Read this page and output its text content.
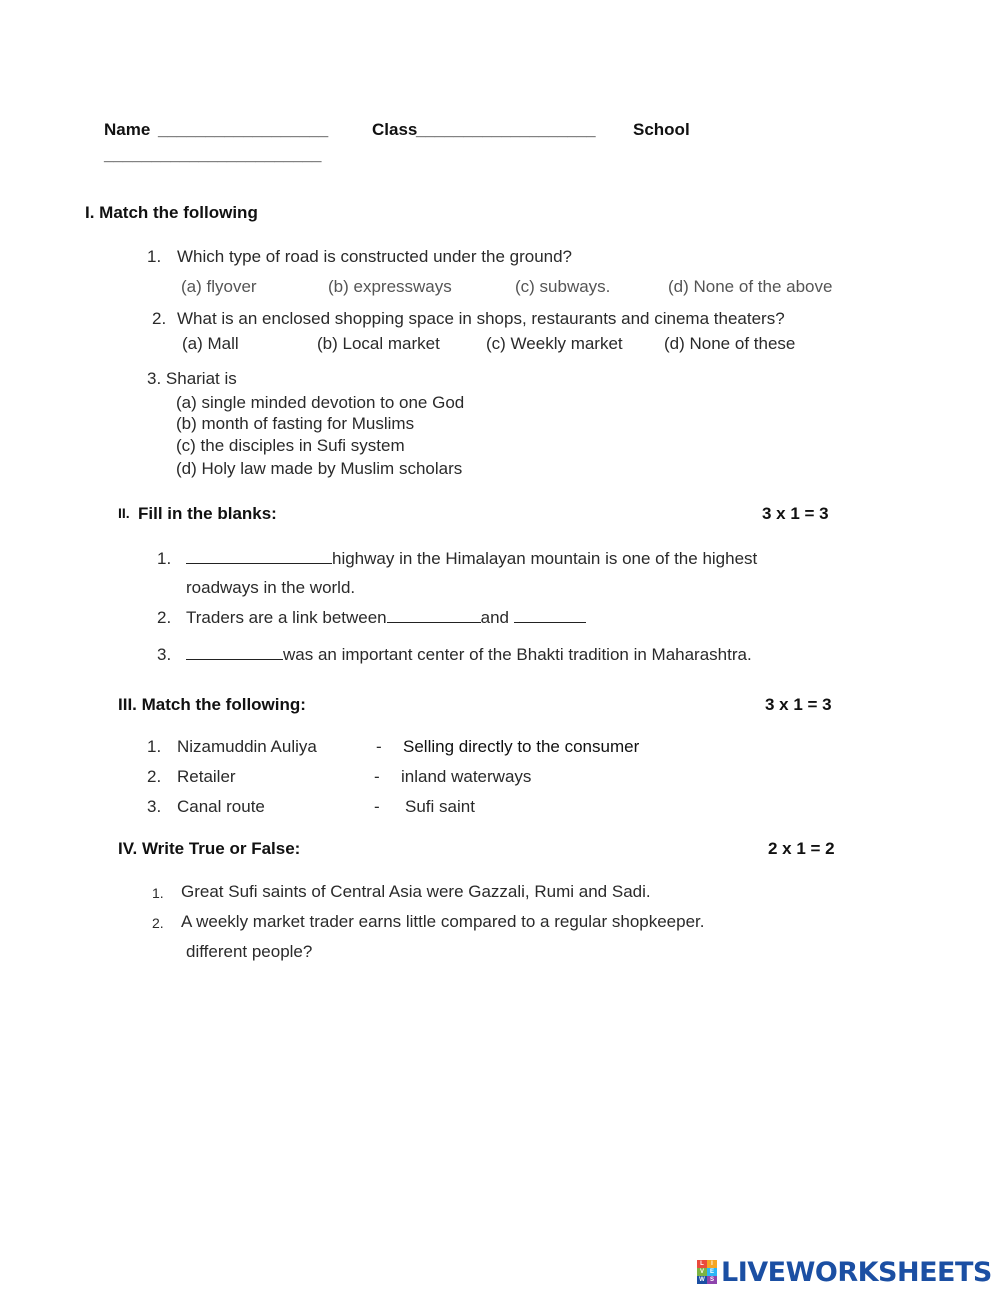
Name __________________	Class
___________________ School
_______________________
I. Match the following
1. Which type of road is constructed under the ground?
(a) flyover	(b) expressways	(c) subways.	(d) None of the above
2. What is an enclosed shopping space in shops, restaurants and cinema theaters?
(a) Mall	(b) Local market	(c) Weekly market (d) None of these
3. Shariat is
(a) single minded devotion to one God
(b) month of fasting for Muslims
(c) the disciples in Sufi system
(d) Holy law made by Muslim scholars
II. Fill in the blanks:	3 x 1 = 3
1.	highway in the Himalayan mountain is one of the highest
roadways in the world.
2. Traders are a link between	and
3.	was an important center of the Bhakti tradition in Maharashtra.
III. Match the following:	3 x 1 = 3
1. Nizamuddin Auliya	- Selling directly to the consumer
2. Retailer	- inland waterways
3. Canal route	- Sufi saint
IV. Write True or False:	2 x 1 = 2
1. Great Sufi saints of Central Asia were Gazzali, Rumi and Sadi.
2. A weekly market trader earns little compared to a regular shopkeeper.
different people?
L	I
V E
W S LIVEWORKSHEETS
